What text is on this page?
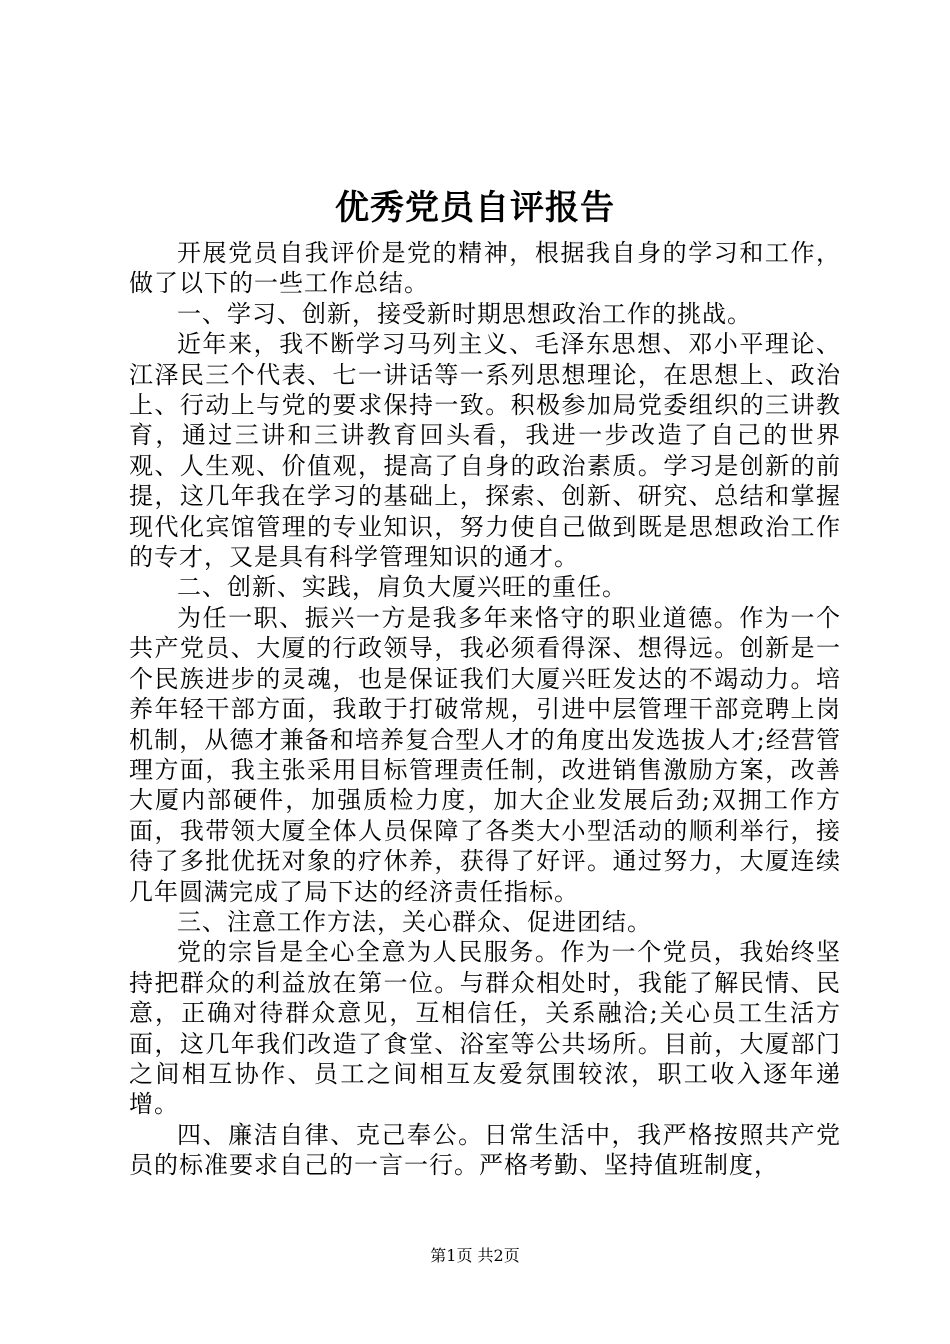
优秀党员自评报告

开展党员自我评价是党的精神，根据我自身的学习和工作，做了以下的一些工作总结。

一、学习、创新，接受新时期思想政治工作的挑战。

近年来，我不断学习马列主义、毛泽东思想、邓小平理论、江泽民三个代表、七一讲话等一系列思想理论，在思想上、政治上、行动上与党的要求保持一致。积极参加局党委组织的三讲教育，通过三讲和三讲教育回头看，我进一步改造了自己的世界观、人生观、价值观，提高了自身的政治素质。学习是创新的前提，这几年我在学习的基础上，探索、创新、研究、总结和掌握现代化宾馆管理的专业知识，努力使自己做到既是思想政治工作的专才，又是具有科学管理知识的通才。

二、创新、实践，肩负大厦兴旺的重任。

为任一职、振兴一方是我多年来恪守的职业道德。作为一个共产党员、大厦的行政领导，我必须看得深、想得远。创新是一个民族进步的灵魂，也是保证我们大厦兴旺发达的不竭动力。培养年轻干部方面，我敢于打破常规，引进中层管理干部竞聘上岗机制，从德才兼备和培养复合型人才的角度出发选拔人才;经营管理方面，我主张采用目标管理责任制，改进销售激励方案，改善大厦内部硬件，加强质检力度，加大企业发展后劲;双拥工作方面，我带领大厦全体人员保障了各类大小型活动的顺利举行，接待了多批优抚对象的疗休养，获得了好评。通过努力，大厦连续几年圆满完成了局下达的经济责任指标。

三、注意工作方法，关心群众、促进团结。

党的宗旨是全心全意为人民服务。作为一个党员，我始终坚持把群众的利益放在第一位。与群众相处时，我能了解民情、民意，正确对待群众意见，互相信任，关系融洽;关心员工生活方面，这几年我们改造了食堂、浴室等公共场所。目前，大厦部门之间相互协作、员工之间相互友爱氛围较浓，职工收入逐年递增。

四、廉洁自律、克己奉公。日常生活中，我严格按照共产党员的标准要求自己的一言一行。严格考勤、坚持值班制度，

第1页 共2页
